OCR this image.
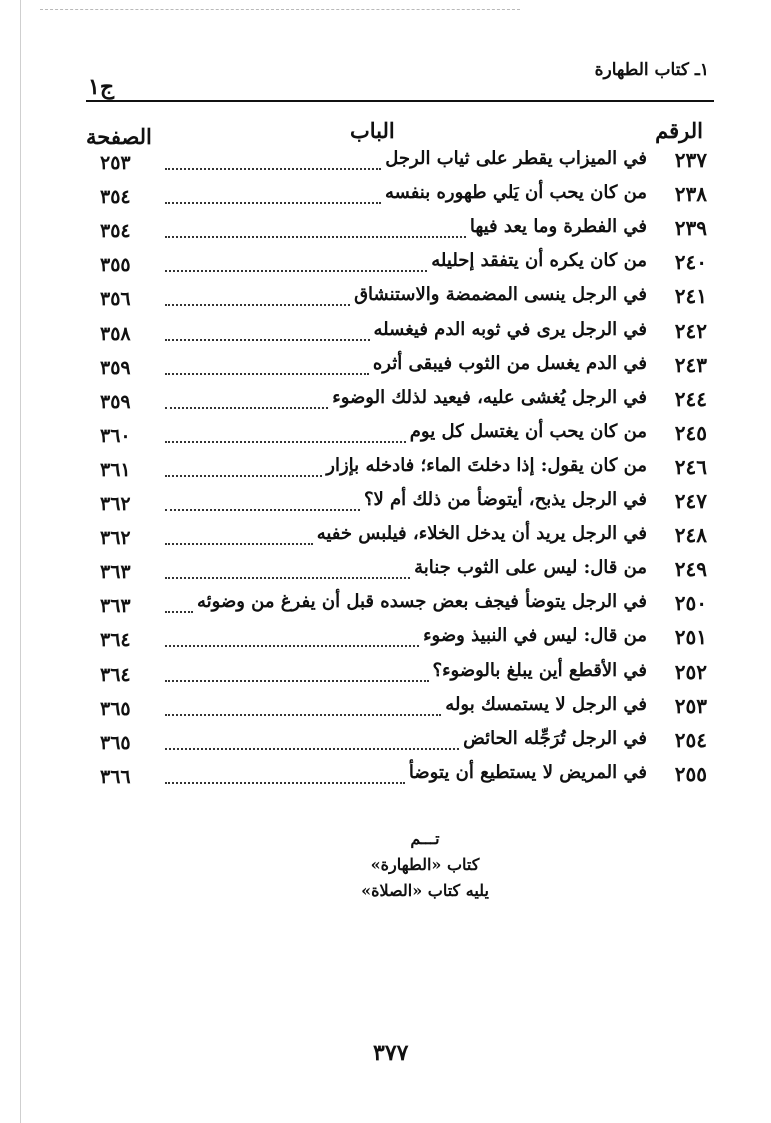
١ـ كتاب الطهارة
ج١
الرقم
الباب
الصفحة
٢٣٧
في الميزاب يقطر على ثياب الرجل
٢٥٣
٢٣٨
من كان يحب أن يَلي طهوره بنفسه
٣٥٤
٢٣٩
في الفطرة وما يعد فيها
٣٥٤
٢٤٠
من كان يكره أن يتفقد إحليله
٣٥٥
٢٤١
في الرجل ينسى المضمضة والاستنشاق
٣٥٦
٢٤٢
في الرجل يرى في ثوبه الدم فيغسله
٣٥٨
٢٤٣
في الدم يغسل من الثوب فيبقى أثره
٣٥٩
٢٤٤
في الرجل يُغشى عليه، فيعيد لذلك الوضوء
٣٥٩
٢٤٥
من كان يحب أن يغتسل كل يوم
٣٦٠
٢٤٦
من كان يقول: إذا دخلتَ الماء؛ فادخله بإزار
٣٦١
٢٤٧
في الرجل يذبح، أيتوضأ من ذلك أم لا؟
٣٦٢
٢٤٨
في الرجل يريد أن يدخل الخلاء، فيلبس خفيه
٣٦٢
٢٤٩
من قال: ليس على الثوب جنابة
٣٦٣
٢٥٠
في الرجل يتوضأ فيجف بعض جسده قبل أن يفرغ من وضوئه
٣٦٣
٢٥١
من قال: ليس في النبيذ وضوء
٣٦٤
٢٥٢
في الأقطع أين يبلغ بالوضوء؟
٣٦٤
٢٥٣
في الرجل لا يستمسك بوله
٣٦٥
٢٥٤
في الرجل تُرَجِّله الحائض
٣٦٥
٢٥٥
في المريض لا يستطيع أن يتوضأ
٣٦٦
تـــم
كتاب «الطهارة»
يليه كتاب «الصلاة»
٣٧٧
